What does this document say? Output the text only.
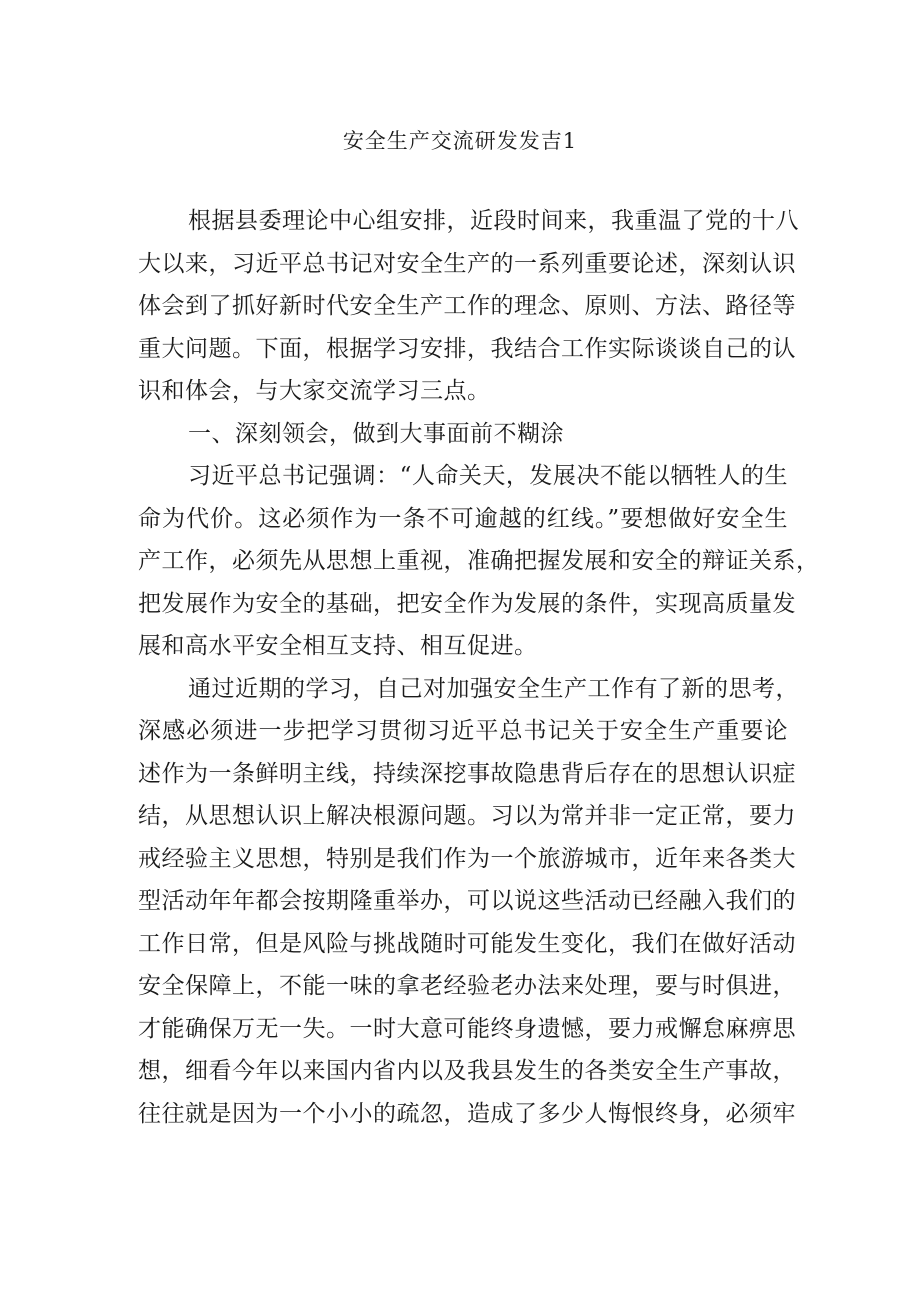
安全生产交流研发发吉1
根据县委理论中心组安排，近段时间来，我重温了党的十八
大以来，习近平总书记对安全生产的一系列重要论述，深刻认识
体会到了抓好新时代安全生产工作的理念、原则、方法、路径等
重大问题。下面，根据学习安排，我结合工作实际谈谈自己的认
识和体会，与大家交流学习三点。
一、深刻领会，做到大事面前不糊涂
习近平总书记强调：“人命关天，发展决不能以牺牲人的生
命为代价。这必须作为一条不可逾越的红线。”要想做好安全生
产工作，必须先从思想上重视，准确把握发展和安全的辩证关系，
把发展作为安全的基础，把安全作为发展的条件，实现高质量发
展和高水平安全相互支持、相互促进。
通过近期的学习，自己对加强安全生产工作有了新的思考，
深感必须进一步把学习贯彻习近平总书记关于安全生产重要论
述作为一条鲜明主线，持续深挖事故隐患背后存在的思想认识症
结，从思想认识上解决根源问题。习以为常并非一定正常，要力
戒经验主义思想，特别是我们作为一个旅游城市，近年来各类大
型活动年年都会按期隆重举办，可以说这些活动已经融入我们的
工作日常，但是风险与挑战随时可能发生变化，我们在做好活动
安全保障上，不能一味的拿老经验老办法来处理，要与时俱进，
才能确保万无一失。一时大意可能终身遗憾，要力戒懈怠麻痹思
想，细看今年以来国内省内以及我县发生的各类安全生产事故，
往往就是因为一个小小的疏忽，造成了多少人悔恨终身，必须牢
